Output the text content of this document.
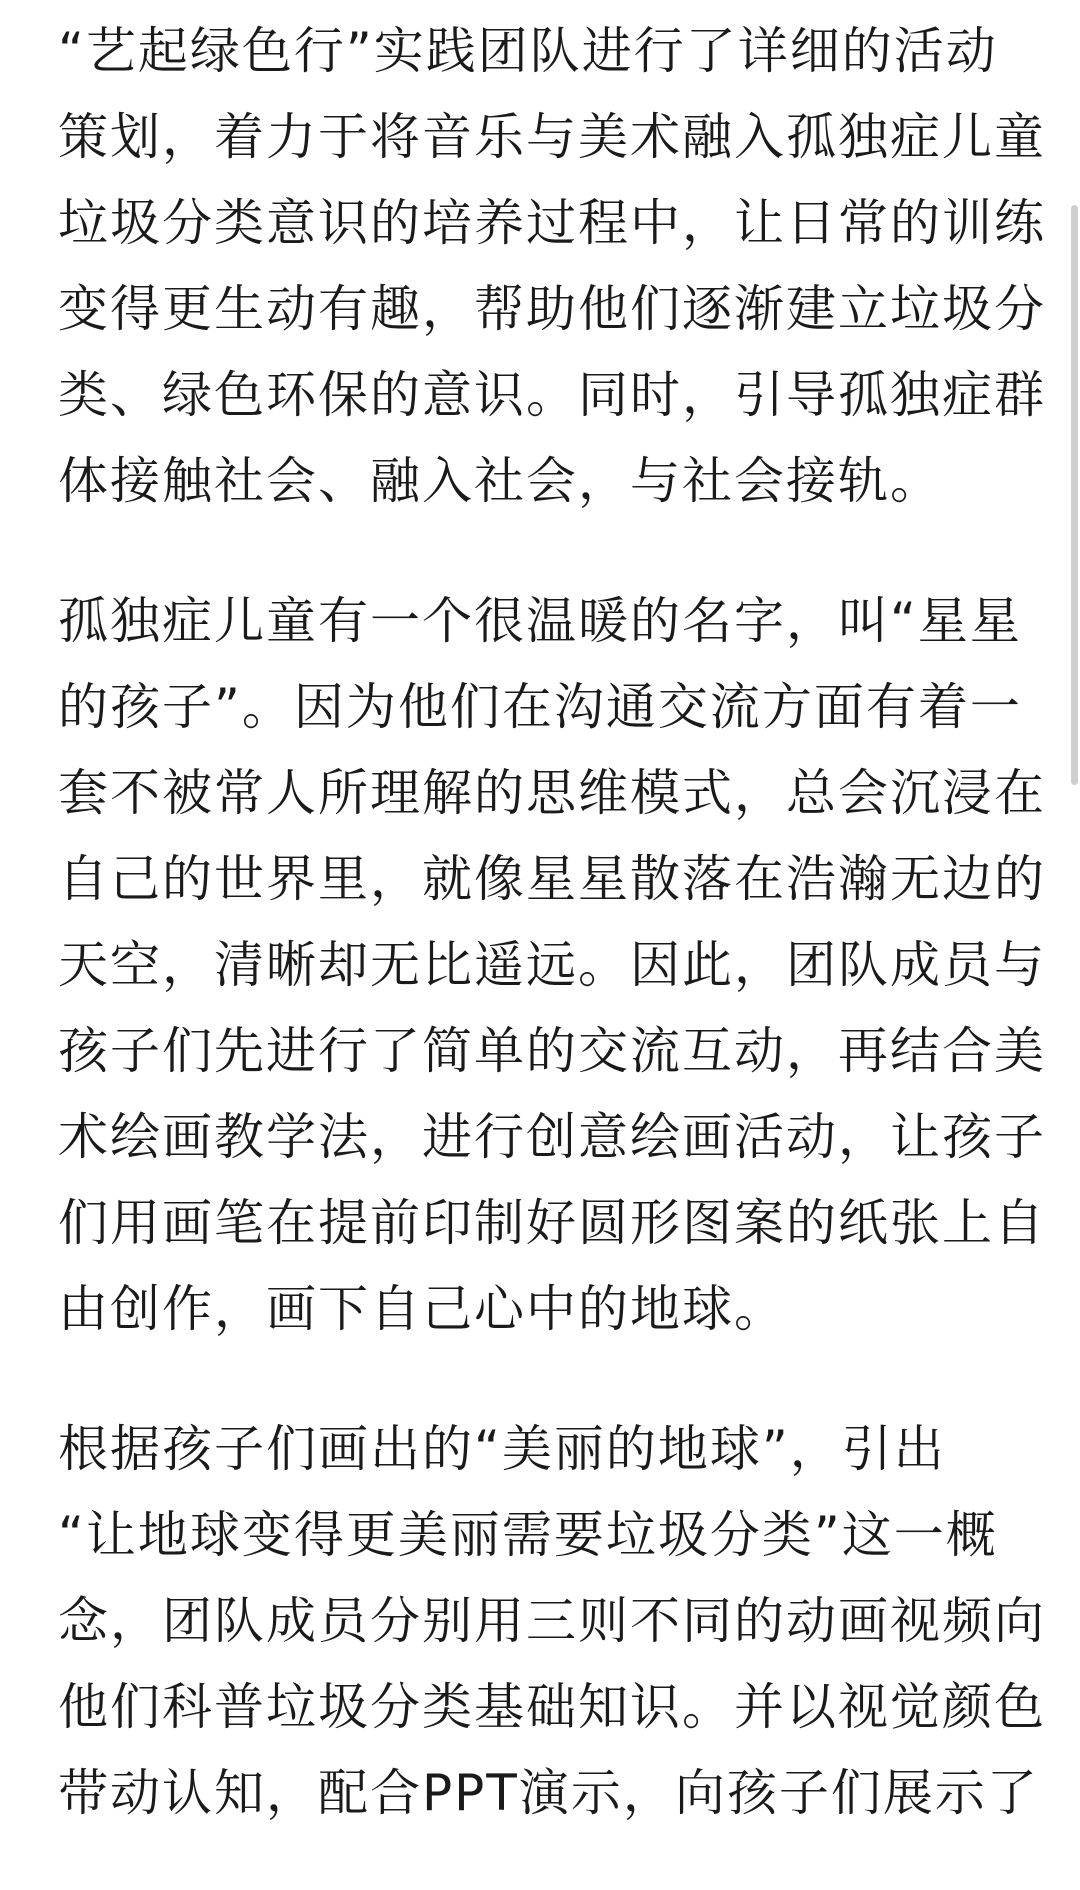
“艺起绿色行”实践团队进行了详细的活动
策划，着力于将音乐与美术融入孤独症儿童
垃圾分类意识的培养过程中，让日常的训练
变得更生动有趣，帮助他们逐渐建立垃圾分
类、绿色环保的意识。同时，引导孤独症群
体接触社会、融入社会，与社会接轨。
孤独症儿童有一个很温暖的名字，叫“星星
的孩子”。因为他们在沟通交流方面有着一
套不被常人所理解的思维模式，总会沉浸在
自己的世界里，就像星星散落在浩瀚无边的
天空，清晰却无比遥远。因此，团队成员与
孩子们先进行了简单的交流互动，再结合美
术绘画教学法，进行创意绘画活动，让孩子
们用画笔在提前印制好圆形图案的纸张上自
由创作，画下自己心中的地球。
根据孩子们画出的“美丽的地球”，引出
“让地球变得更美丽需要垃圾分类”这一概
念，团队成员分别用三则不同的动画视频向
他们科普垃圾分类基础知识。并以视觉颜色
带动认知，配合PPT演示，向孩子们展示了
